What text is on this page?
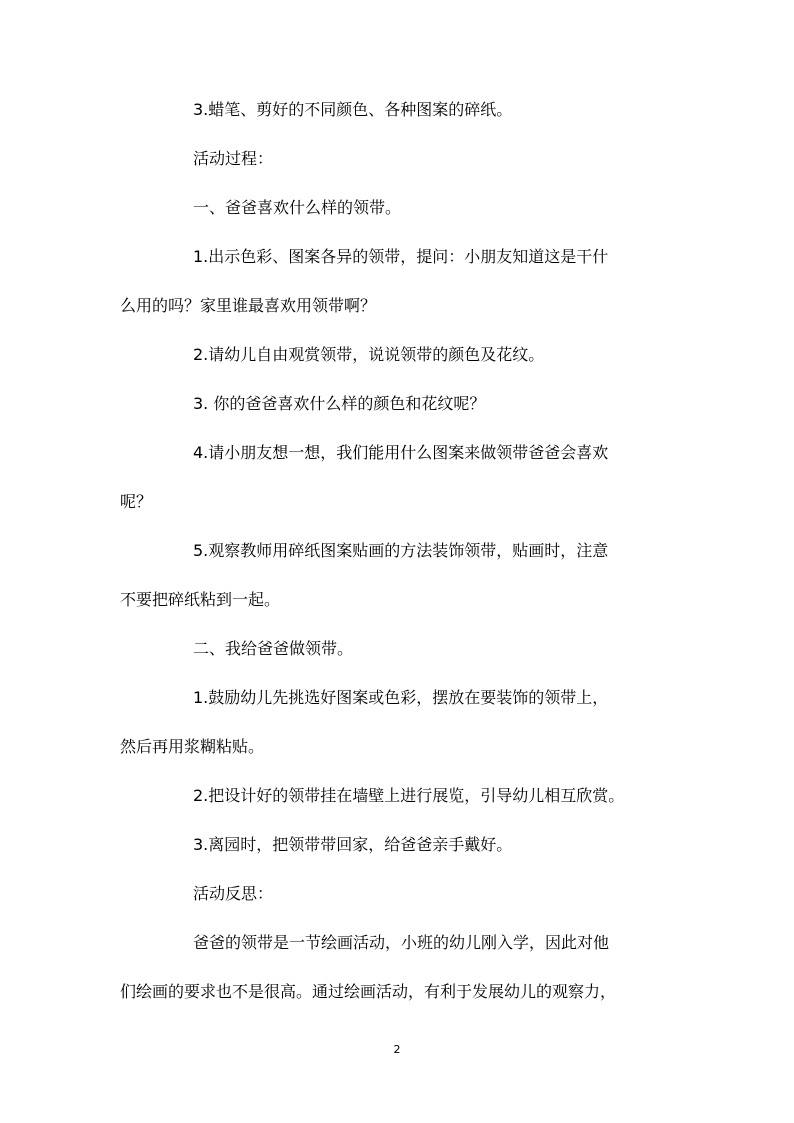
3.蜡笔、剪好的不同颜色、各种图案的碎纸。
活动过程：
一、爸爸喜欢什么样的领带。
1.出示色彩、图案各异的领带，提问：小朋友知道这是干什
么用的吗？家里谁最喜欢用领带啊？
2.请幼儿自由观赏领带，说说领带的颜色及花纹。
3. 你的爸爸喜欢什么样的颜色和花纹呢？
4.请小朋友想一想，我们能用什么图案来做领带爸爸会喜欢
呢？
5.观察教师用碎纸图案贴画的方法装饰领带，贴画时，注意
不要把碎纸粘到一起。
二、我给爸爸做领带。
1.鼓励幼儿先挑选好图案或色彩，摆放在要装饰的领带上，
然后再用浆糊粘贴。
2.把设计好的领带挂在墙壁上进行展览，引导幼儿相互欣赏。
3.离园时，把领带带回家，给爸爸亲手戴好。
活动反思：
爸爸的领带是一节绘画活动，小班的幼儿刚入学，因此对他
们绘画的要求也不是很高。通过绘画活动，有利于发展幼儿的观察力，
2
